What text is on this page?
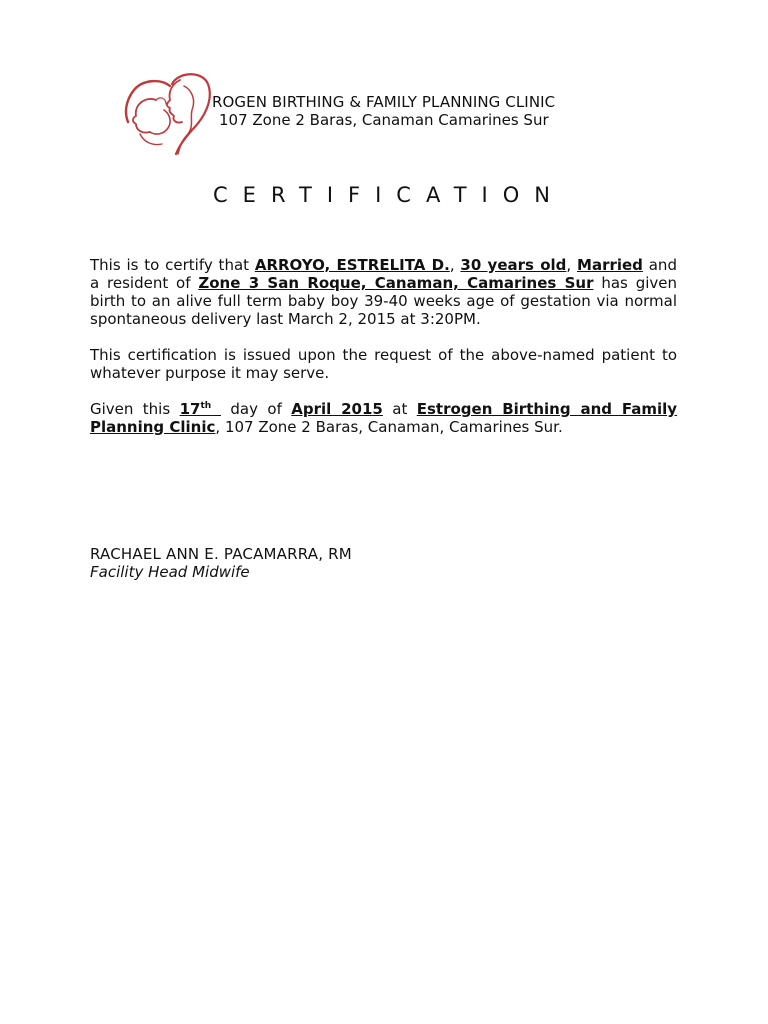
ROGEN BIRTHING & FAMILY PLANNING CLINIC
107 Zone 2 Baras, Canaman Camarines Sur
CERTIFICATION
This is to certify that ARROYO, ESTRELITA D., 30 years old, Married and a resident of Zone 3 San Roque, Canaman, Camarines Sur has given birth to an alive full term baby boy 39-40 weeks age of gestation via normal spontaneous delivery last March 2, 2015 at 3:20PM.
This certification is issued upon the request of the above-named patient to whatever purpose it may serve.
Given this 17th  day of April 2015 at Estrogen Birthing and Family Planning Clinic, 107 Zone 2 Baras, Canaman, Camarines Sur.
RACHAEL ANN E. PACAMARRA, RM
Facility Head Midwife
